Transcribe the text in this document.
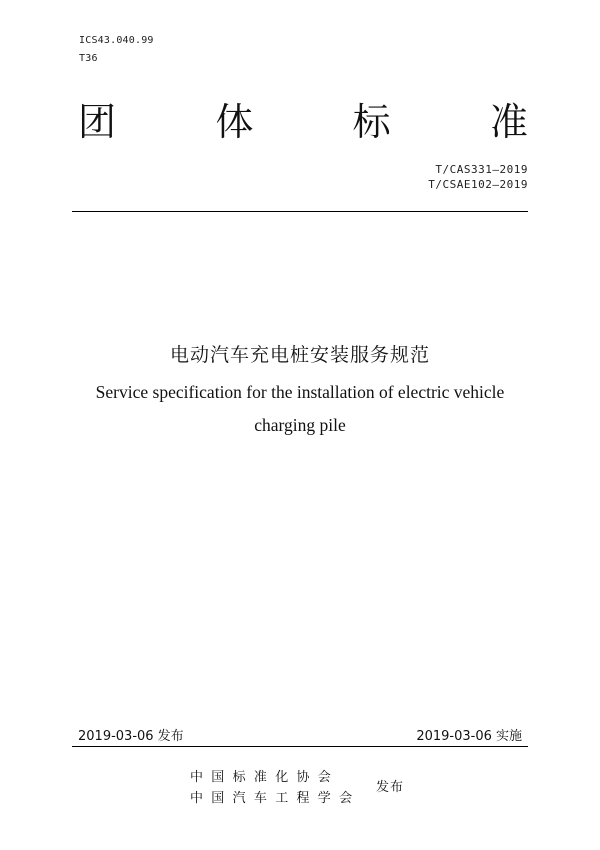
ICS43.040.99
T36
团	体	标	准
T/CAS331—2019
T/CSAE102—2019
电动汽车充电桩安装服务规范
Service specification for the installation of electric vehicle
charging pile
2019-03-06 发布	2019-03-06 实施
中国标准化协会
中国汽车工程学会
发布
